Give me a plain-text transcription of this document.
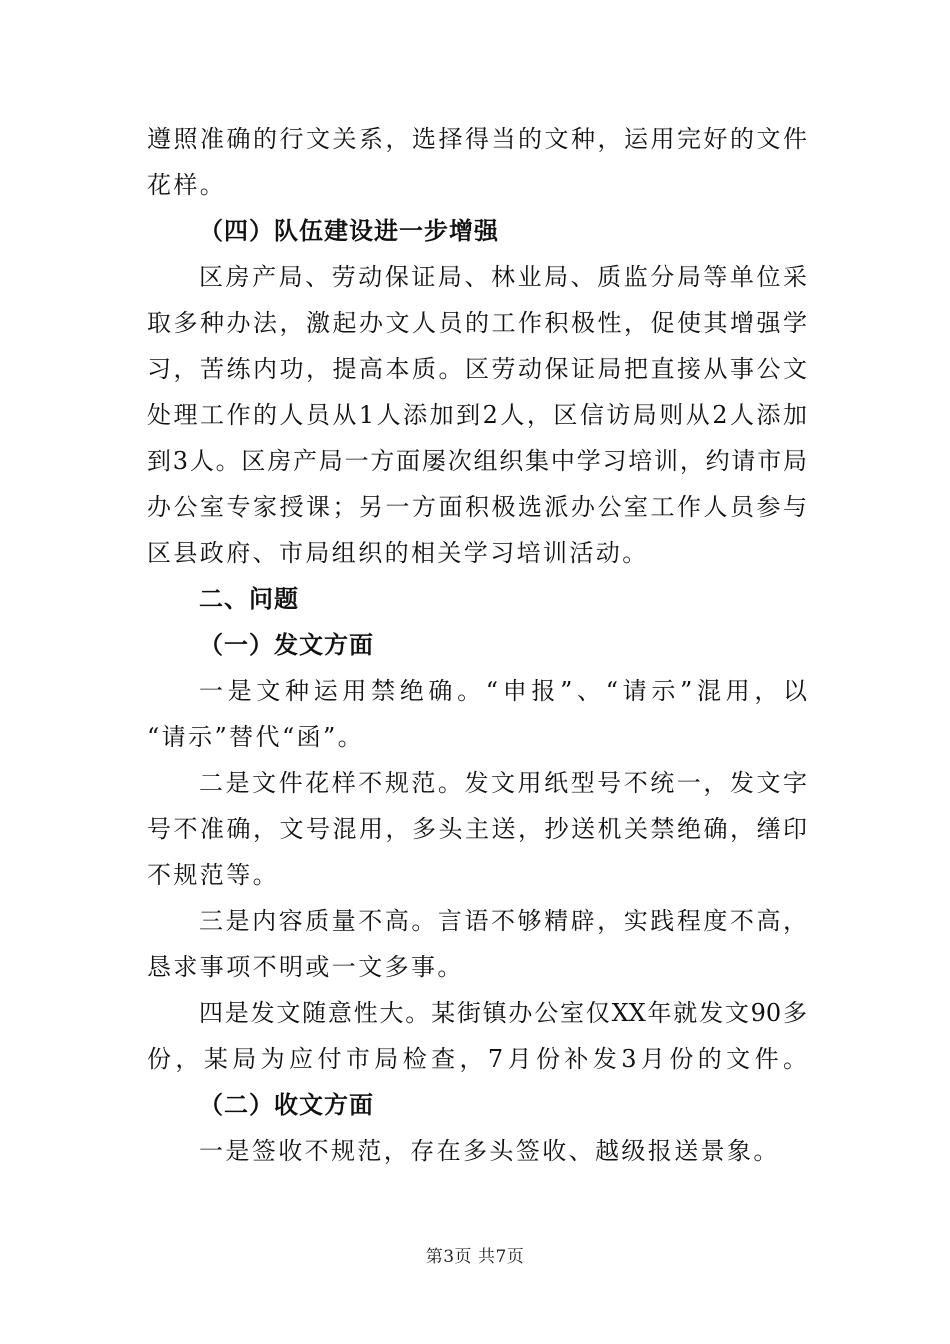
遵照准确的行文关系，选择得当的文种，运用完好的文件
花样。
（四）队伍建设进一步增强
区房产局、劳动保证局、林业局、质监分局等单位采
取多种办法，激起办文人员的工作积极性，促使其增强学
习，苦练内功，提高本质。区劳动保证局把直接从事公文
处理工作的人员从1人添加到2人，区信访局则从2人添加
到3人。区房产局一方面屡次组织集中学习培训，约请市局
办公室专家授课；另一方面积极选派办公室工作人员参与
区县政府、市局组织的相关学习培训活动。
二、问题
（一）发文方面
一是文种运用禁绝确。“申报”、“请示”混用，以
“请示”替代“函”。
二是文件花样不规范。发文用纸型号不统一，发文字
号不准确，文号混用，多头主送，抄送机关禁绝确，缮印
不规范等。
三是内容质量不高。言语不够精辟，实践程度不高，
恳求事项不明或一文多事。
四是发文随意性大。某街镇办公室仅XX年就发文90多
份，某局为应付市局检查，7月份补发3月份的文件。
（二）收文方面
一是签收不规范，存在多头签收、越级报送景象。
第3页 共7页
